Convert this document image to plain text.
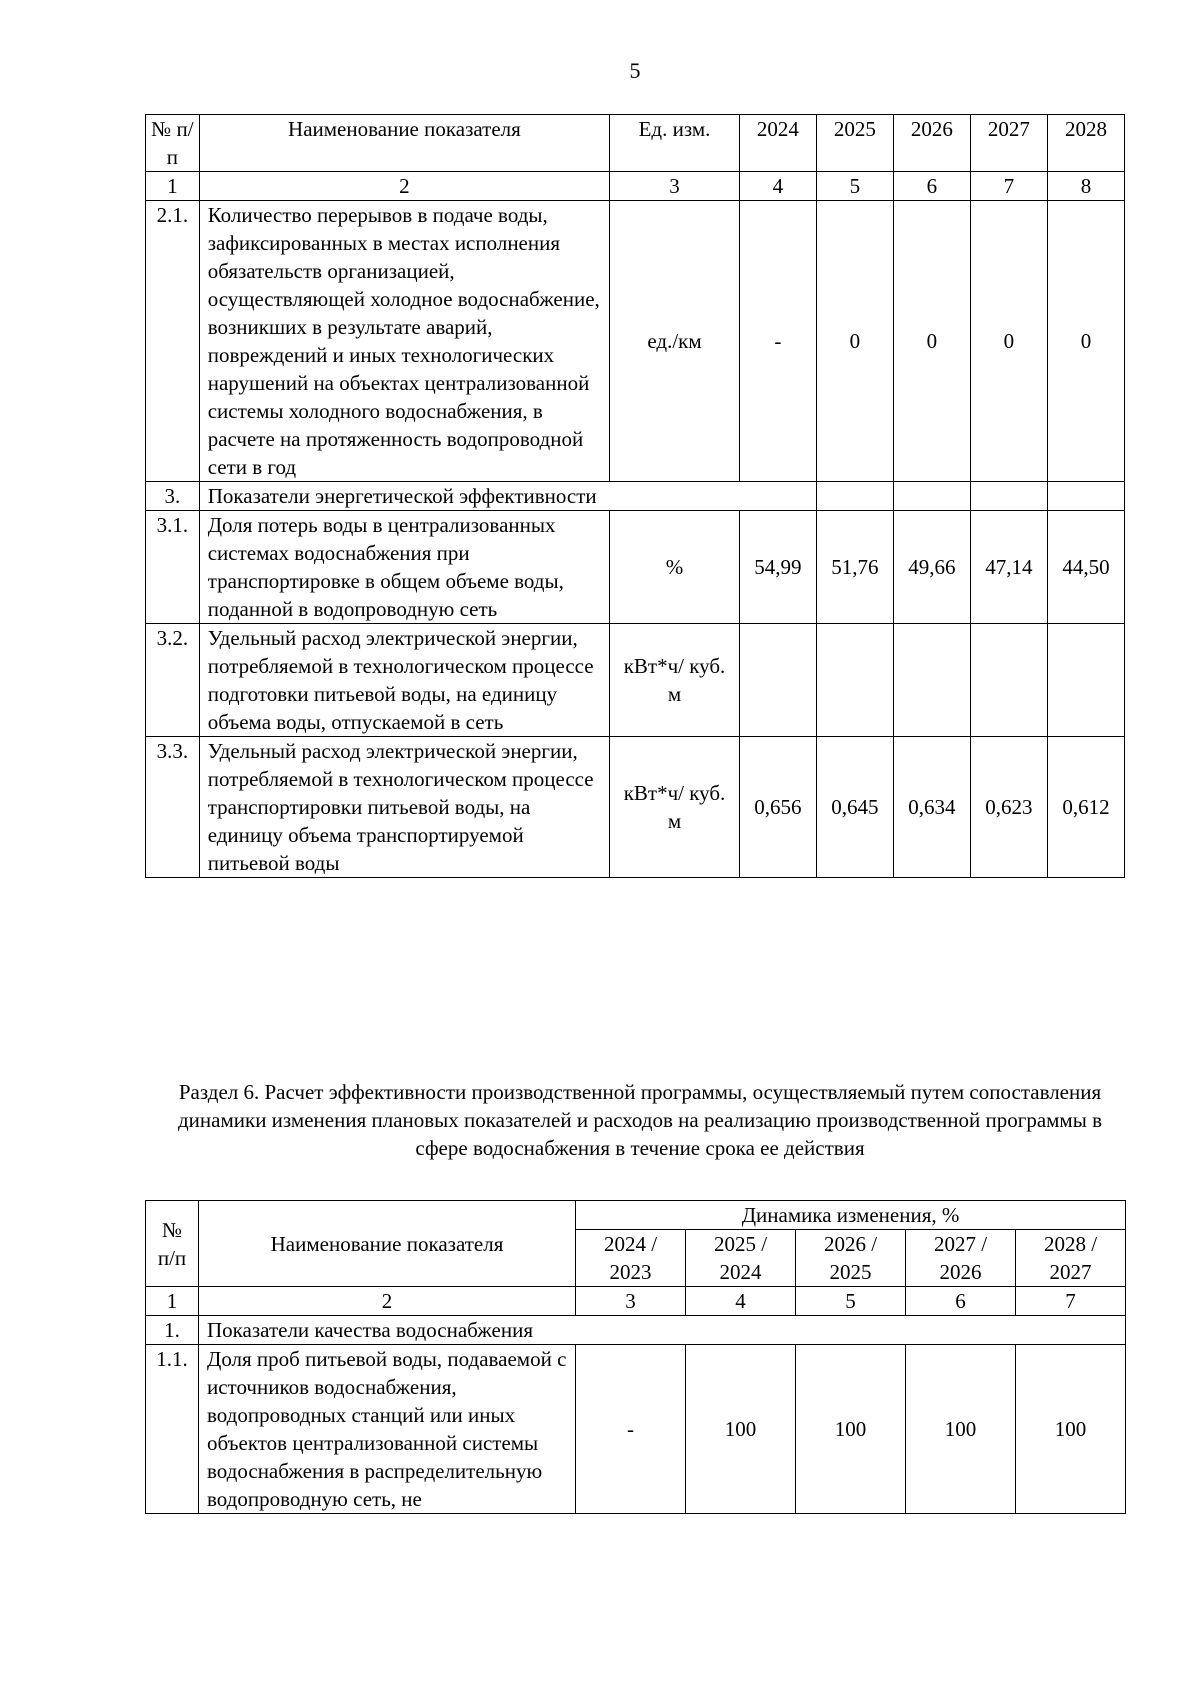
5
№ п/п	Наименование показателя	Ед. изм.	2024	2025	2026	2027	2028
1	2	3	4	5	6	7	8
2.1.	Количество перерывов в подаче воды, зафиксированных в местах исполнения обязательств организацией, осуществляющей холодное водоснабжение, возникших в результате аварий, повреждений и иных технологических нарушений на объектах централизованной системы холодного водоснабжения, в расчете на протяженность водопроводной сети в год	ед./км	-	0	0	0	0
3.	Показатели энергетической эффективности						
3.1.	Доля потерь воды в централизованных системах водоснабжения при транспортировке в общем объеме воды, поданной в водопроводную сеть	%	54,99	51,76	49,66	47,14	44,50
3.2.	Удельный расход электрической энергии, потребляемой в технологическом процессе подготовки питьевой воды, на единицу объема воды, отпускаемой в сеть	кВт*ч/ куб. м					
3.3.	Удельный расход электрической энергии, потребляемой в технологическом процессе транспортировки питьевой воды, на единицу объема транспортируемой питьевой воды	кВт*ч/ куб. м	0,656	0,645	0,634	0,623	0,612
Раздел 6. Расчет эффективности производственной программы, осуществляемый путем сопоставления динамики изменения плановых показателей и расходов на реализацию производственной программы в сфере водоснабжения в течение срока ее действия
№ п/п	Наименование показателя	Динамика изменения, %				
		2024 / 2023	2025 / 2024	2026 / 2025	2027 / 2026	2028 / 2027
1	2	3	4	5	6	7
1.	Показатели качества водоснабжения					
1.1.	Доля проб питьевой воды, подаваемой с источников водоснабжения, водопроводных станций или иных объектов централизованной системы водоснабжения в распределительную водопроводную сеть, не	-	100	100	100	100
